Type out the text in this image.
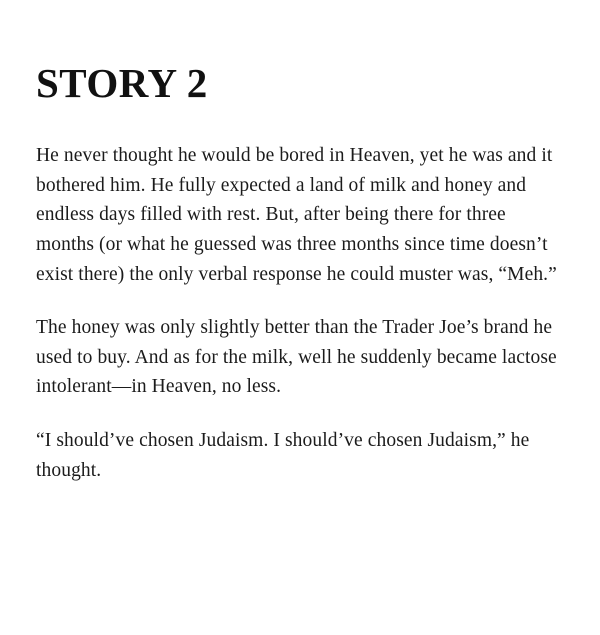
STORY 2

He never thought he would be bored in Heaven, yet he was and it bothered him. He fully expected a land of milk and honey and endless days filled with rest. But, after being there for three months (or what he guessed was three months since time doesn’t exist there) the only verbal response he could muster was, “Meh.”

The honey was only slightly better than the Trader Joe’s brand he used to buy. And as for the milk, well he suddenly became lactose intolerant—in Heaven, no less.

“I should’ve chosen Judaism. I should’ve chosen Judaism,” he thought.
